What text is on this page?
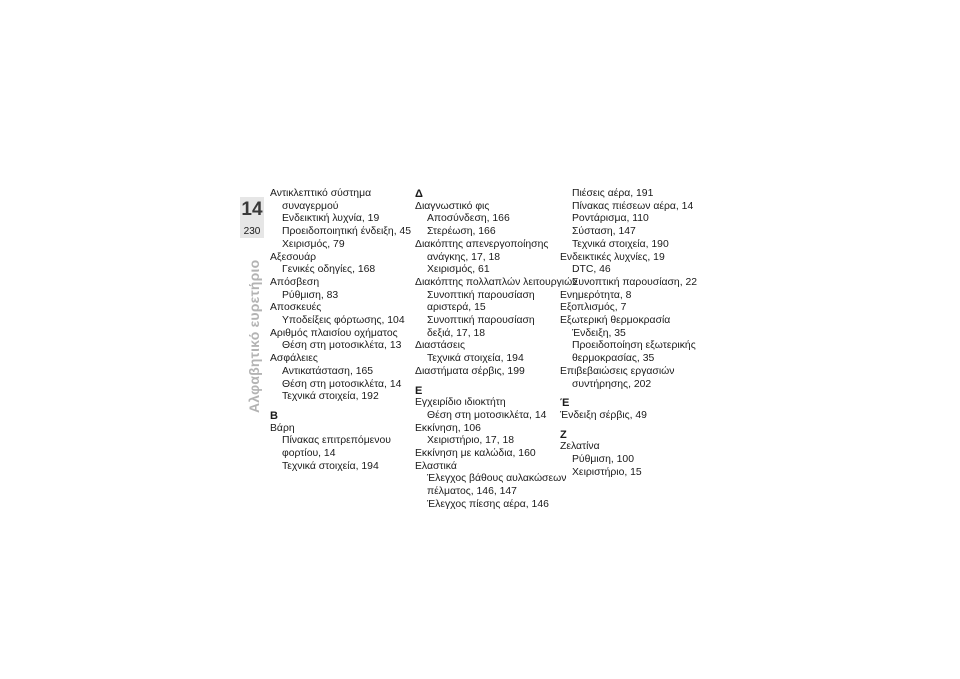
14
230
Αλφαβητικό ευρετήριο
Αντικλεπτικό σύστημα
συναγερμού
Ενδεικτική λυχνία, 19
Προειδοποιητική ένδειξη, 45
Χειρισμός, 79
Αξεσουάρ
Γενικές οδηγίες, 168
Απόσβεση
Ρύθμιση, 83
Αποσκευές
Υποδείξεις φόρτωσης, 104
Αριθμός πλαισίου οχήματος
Θέση στη μοτοσικλέτα, 13
Ασφάλειες
Αντικατάσταση, 165
Θέση στη μοτοσικλέτα, 14
Τεχνικά στοιχεία, 192
Β
Βάρη
Πίνακας επιτρεπόμενου
φορτίου, 14
Τεχνικά στοιχεία, 194
Δ
Διαγνωστικό φις
Αποσύνδεση, 166
Στερέωση, 166
Διακόπτης απενεργοποίησης
ανάγκης, 17, 18
Χειρισμός, 61
Διακόπτης πολλαπλών λειτουργιών
Συνοπτική παρουσίαση
αριστερά, 15
Συνοπτική παρουσίαση
δεξιά, 17, 18
Διαστάσεις
Τεχνικά στοιχεία, 194
Διαστήματα σέρβις, 199
Ε
Εγχειρίδιο ιδιοκτήτη
Θέση στη μοτοσικλέτα, 14
Εκκίνηση, 106
Χειριστήριο, 17, 18
Εκκίνηση με καλώδια, 160
Ελαστικά
Έλεγχος βάθους αυλακώσεων
πέλματος, 146, 147
Έλεγχος πίεσης αέρα, 146
Πιέσεις αέρα, 191
Πίνακας πιέσεων αέρα, 14
Ροντάρισμα, 110
Σύσταση, 147
Τεχνικά στοιχεία, 190
Ενδεικτικές λυχνίες, 19
DTC, 46
Συνοπτική παρουσίαση, 22
Ενημερότητα, 8
Εξοπλισμός, 7
Εξωτερική θερμοκρασία
Ένδειξη, 35
Προειδοποίηση εξωτερικής
θερμοκρασίας, 35
Επιβεβαιώσεις εργασιών
συντήρησης, 202
Έ
Ένδειξη σέρβις, 49
Ζ
Ζελατίνα
Ρύθμιση, 100
Χειριστήριο, 15
